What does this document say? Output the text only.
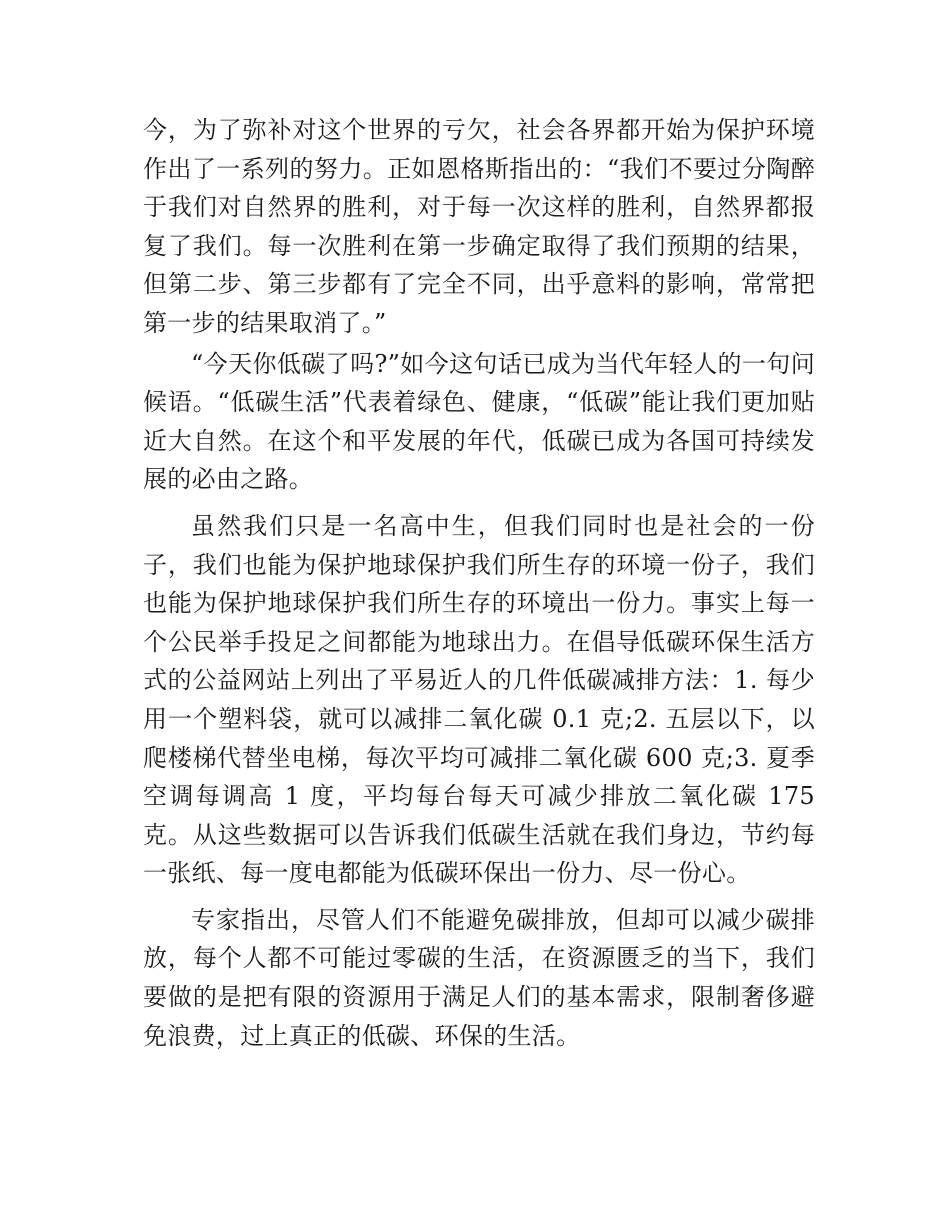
今，为了弥补对这个世界的亏欠，社会各界都开始为保护环境作出了一系列的努力。正如恩格斯指出的：“我们不要过分陶醉于我们对自然界的胜利，对于每一次这样的胜利，自然界都报复了我们。每一次胜利在第一步确定取得了我们预期的结果，但第二步、第三步都有了完全不同，出乎意料的影响，常常把第一步的结果取消了。”

“今天你低碳了吗?”如今这句话已成为当代年轻人的一句问候语。“低碳生活”代表着绿色、健康，“低碳”能让我们更加贴近大自然。在这个和平发展的年代，低碳已成为各国可持续发展的必由之路。

虽然我们只是一名高中生，但我们同时也是社会的一份子，我们也能为保护地球保护我们所生存的环境一份子，我们也能为保护地球保护我们所生存的环境出一份力。事实上每一个公民举手投足之间都能为地球出力。在倡导低碳环保生活方式的公益网站上列出了平易近人的几件低碳减排方法：1. 每少用一个塑料袋，就可以减排二氧化碳 0.1 克;2. 五层以下，以爬楼梯代替坐电梯，每次平均可减排二氧化碳 600 克;3. 夏季空调每调高 1 度，平均每台每天可减少排放二氧化碳 175 克。从这些数据可以告诉我们低碳生活就在我们身边，节约每一张纸、每一度电都能为低碳环保出一份力、尽一份心。

专家指出，尽管人们不能避免碳排放，但却可以减少碳排放，每个人都不可能过零碳的生活，在资源匮乏的当下，我们要做的是把有限的资源用于满足人们的基本需求，限制奢侈避免浪费，过上真正的低碳、环保的生活。
